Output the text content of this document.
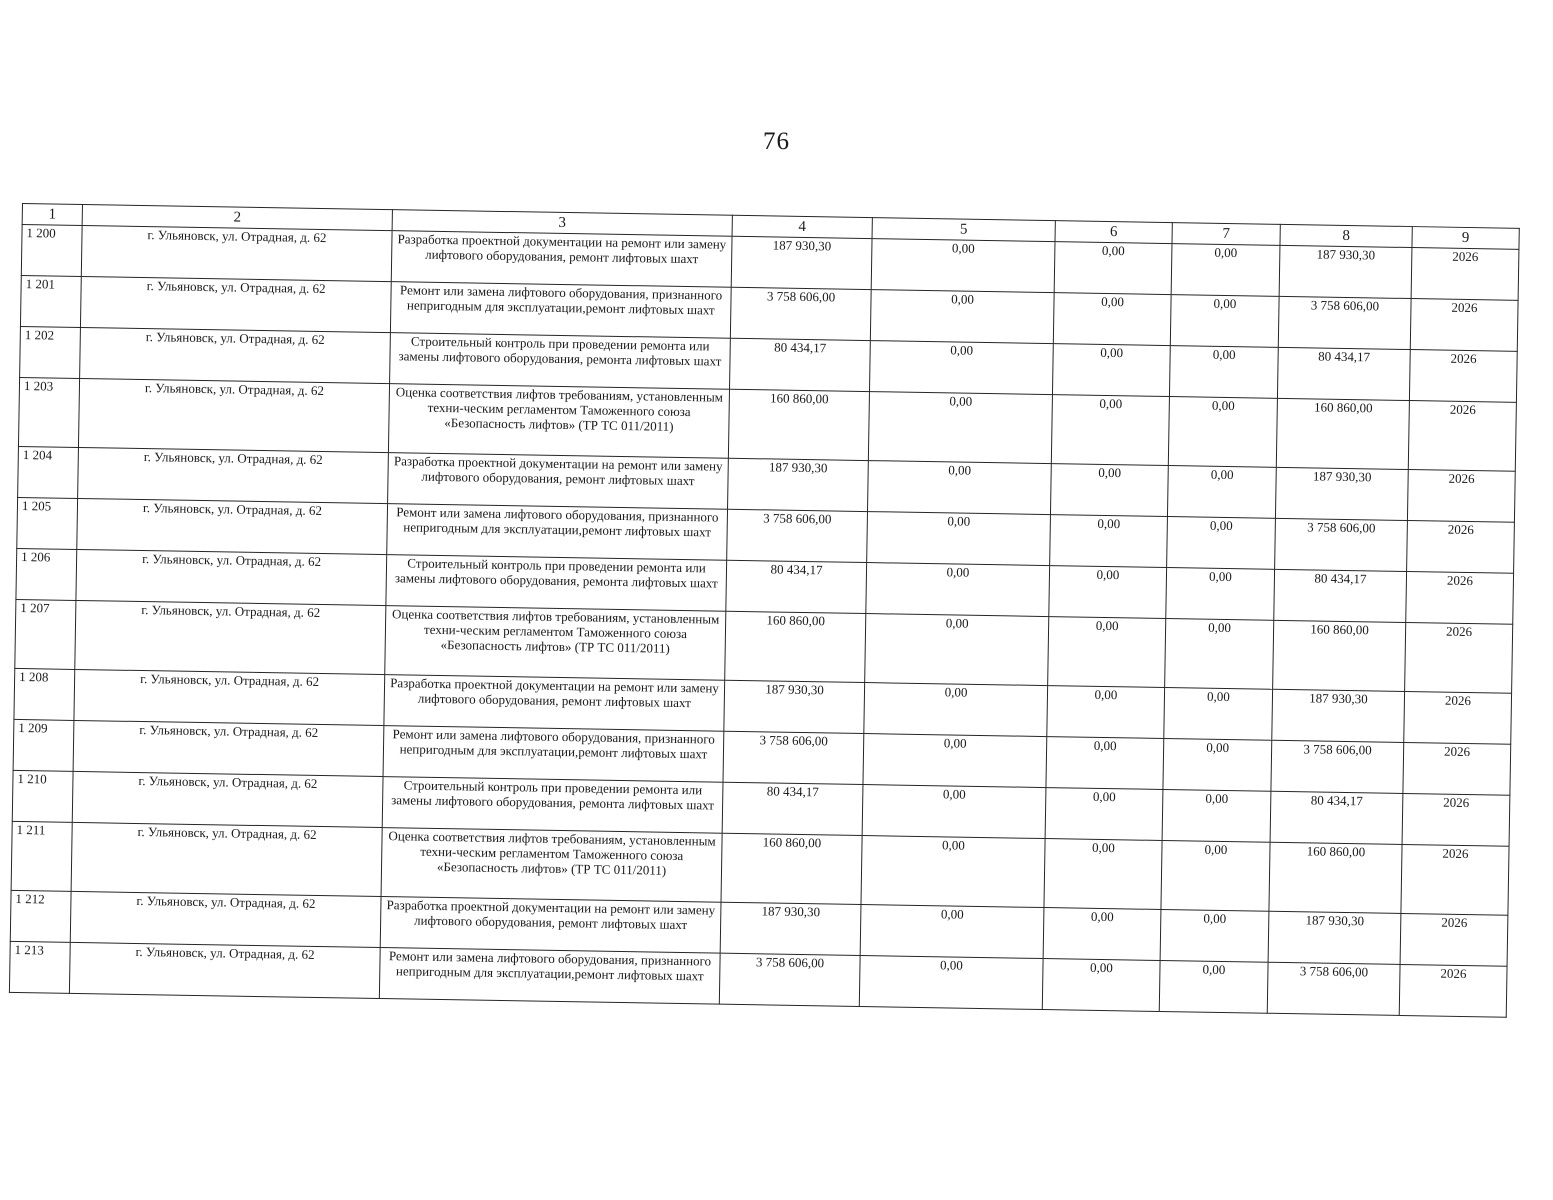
76
1	2	3	4	5	6	7	8	9
1 200	г. Ульяновск, ул. Отрадная, д. 62	Разработка проектной документации на ремонт или замену лифтового оборудования, ремонт лифтовых шахт	187 930,30	0,00	0,00	0,00	187 930,30	2026
1 201	г. Ульяновск, ул. Отрадная, д. 62	Ремонт или замена лифтового оборудования, признанного непригодным для эксплуатации,ремонт лифтовых шахт	3 758 606,00	0,00	0,00	0,00	3 758 606,00	2026
1 202	г. Ульяновск, ул. Отрадная, д. 62	Строительный контроль при проведении ремонта или замены лифтового оборудования, ремонта лифтовых шахт	80 434,17	0,00	0,00	0,00	80 434,17	2026
1 203	г. Ульяновск, ул. Отрадная, д. 62	Оценка соответствия лифтов требованиям, установленным техни-ческим регламентом Таможенного союза «Безопасность лифтов» (ТР ТС 011/2011)	160 860,00	0,00	0,00	0,00	160 860,00	2026
1 204	г. Ульяновск, ул. Отрадная, д. 62	Разработка проектной документации на ремонт или замену лифтового оборудования, ремонт лифтовых шахт	187 930,30	0,00	0,00	0,00	187 930,30	2026
1 205	г. Ульяновск, ул. Отрадная, д. 62	Ремонт или замена лифтового оборудования, признанного непригодным для эксплуатации,ремонт лифтовых шахт	3 758 606,00	0,00	0,00	0,00	3 758 606,00	2026
1 206	г. Ульяновск, ул. Отрадная, д. 62	Строительный контроль при проведении ремонта или замены лифтового оборудования, ремонта лифтовых шахт	80 434,17	0,00	0,00	0,00	80 434,17	2026
1 207	г. Ульяновск, ул. Отрадная, д. 62	Оценка соответствия лифтов требованиям, установленным техни-ческим регламентом Таможенного союза «Безопасность лифтов» (ТР ТС 011/2011)	160 860,00	0,00	0,00	0,00	160 860,00	2026
1 208	г. Ульяновск, ул. Отрадная, д. 62	Разработка проектной документации на ремонт или замену лифтового оборудования, ремонт лифтовых шахт	187 930,30	0,00	0,00	0,00	187 930,30	2026
1 209	г. Ульяновск, ул. Отрадная, д. 62	Ремонт или замена лифтового оборудования, признанного непригодным для эксплуатации,ремонт лифтовых шахт	3 758 606,00	0,00	0,00	0,00	3 758 606,00	2026
1 210	г. Ульяновск, ул. Отрадная, д. 62	Строительный контроль при проведении ремонта или замены лифтового оборудования, ремонта лифтовых шахт	80 434,17	0,00	0,00	0,00	80 434,17	2026
1 211	г. Ульяновск, ул. Отрадная, д. 62	Оценка соответствия лифтов требованиям, установленным техни-ческим регламентом Таможенного союза «Безопасность лифтов» (ТР ТС 011/2011)	160 860,00	0,00	0,00	0,00	160 860,00	2026
1 212	г. Ульяновск, ул. Отрадная, д. 62	Разработка проектной документации на ремонт или замену лифтового оборудования, ремонт лифтовых шахт	187 930,30	0,00	0,00	0,00	187 930,30	2026
1 213	г. Ульяновск, ул. Отрадная, д. 62	Ремонт или замена лифтового оборудования, признанного непригодным для эксплуатации,ремонт лифтовых шахт	3 758 606,00	0,00	0,00	0,00	3 758 606,00	2026
